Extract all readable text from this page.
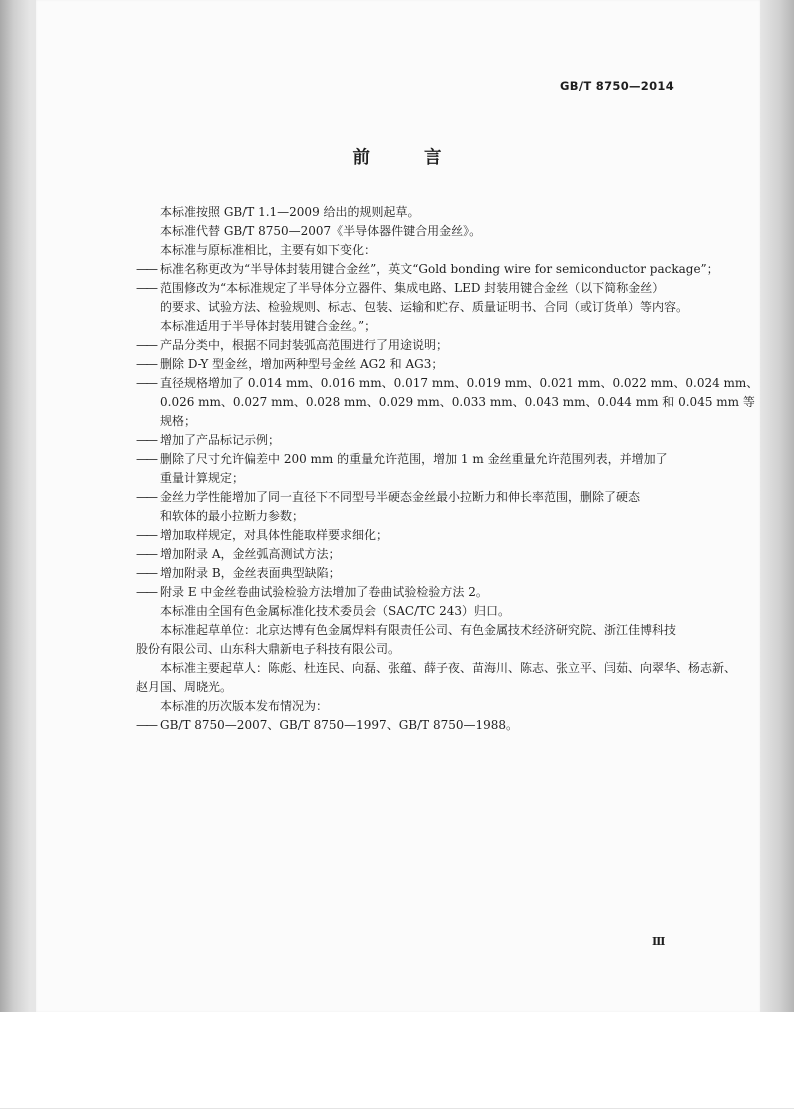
GB/T 8750—2014
前 言

本标准按照 GB/T 1.1—2009 给出的规则起草。

本标准代替 GB/T 8750—2007《半导体器件键合用金丝》。

本标准与原标准相比，主要有如下变化：

—— 标准名称更改为“半导体封装用键合金丝”，英文“Gold bonding wire for semiconductor package”；

—— 范围修改为“本标准规定了半导体分立器件、集成电路、LED 封装用键合金丝（以下简称金丝）

的要求、试验方法、检验规则、标志、包装、运输和贮存、质量证明书、合同（或订货单）等内容。

本标准适用于半导体封装用键合金丝。”；

—— 产品分类中，根据不同封装弧高范围进行了用途说明；

—— 删除 D-Y 型金丝，增加两种型号金丝 AG2 和 AG3；

—— 直径规格增加了 0.014 mm、0.016 mm、0.017 mm、0.019 mm、0.021 mm、0.022 mm、0.024 mm、

0.026 mm、0.027 mm、0.028 mm、0.029 mm、0.033 mm、0.043 mm、0.044 mm 和 0.045 mm 等

规格；

—— 增加了产品标记示例；

—— 删除了尺寸允许偏差中 200 mm 的重量允许范围，增加 1 m 金丝重量允许范围列表，并增加了

重量计算规定；

—— 金丝力学性能增加了同一直径下不同型号半硬态金丝最小拉断力和伸长率范围，删除了硬态

和软体的最小拉断力参数；

—— 增加取样规定，对具体性能取样要求细化；

—— 增加附录 A，金丝弧高测试方法；

—— 增加附录 B，金丝表面典型缺陷；

—— 附录 E 中金丝卷曲试验检验方法增加了卷曲试验检验方法 2。

本标准由全国有色金属标准化技术委员会（SAC/TC 243）归口。

本标准起草单位：北京达博有色金属焊料有限责任公司、有色金属技术经济研究院、浙江佳博科技

股份有限公司、山东科大鼎新电子科技有限公司。

本标准主要起草人：陈彪、杜连民、向磊、张蕴、薛子夜、苗海川、陈志、张立平、闫茹、向翠华、杨志新、

赵月国、周晓光。

本标准的历次版本发布情况为：

—— GB/T 8750—2007、GB/T 8750—1997、GB/T 8750—1988。

Ⅲ
